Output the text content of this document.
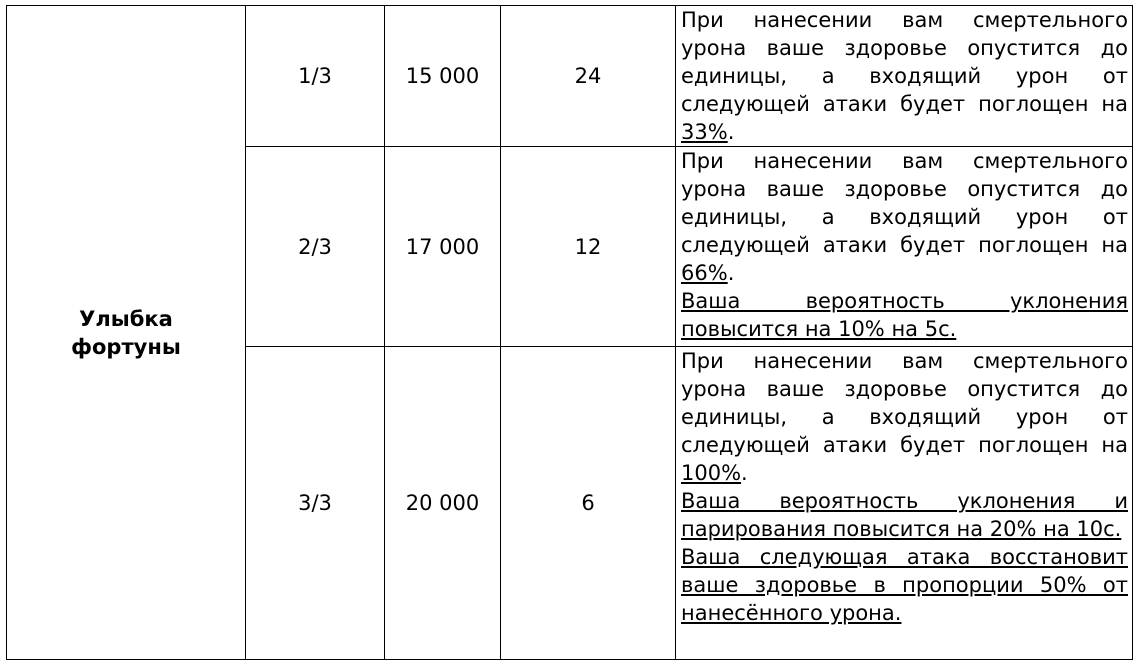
Улыбка
фортуны	1/3	15 000	24	При нанесении вам смертельного урона ваше здоровье опустится до единицы, а входящий урон от следующей атаки будет поглощен на 33%.

	2/3	17 000	12	При нанесении вам смертельного урона ваше здоровье опустится до единицы, а входящий урон от следующей атаки будет поглощен на 66%.

Ваша вероятность уклонения повысится на 10% на 5с.

	3/3	20 000	6	При нанесении вам смертельного урона ваше здоровье опустится до единицы, а входящий урон от следующей атаки будет поглощен на 100%.

Ваша вероятность уклонения и парирования повысится на 20% на 10с.

Ваша следующая атака восстановит ваше здоровье в пропорции 50% от нанесённого урона.
